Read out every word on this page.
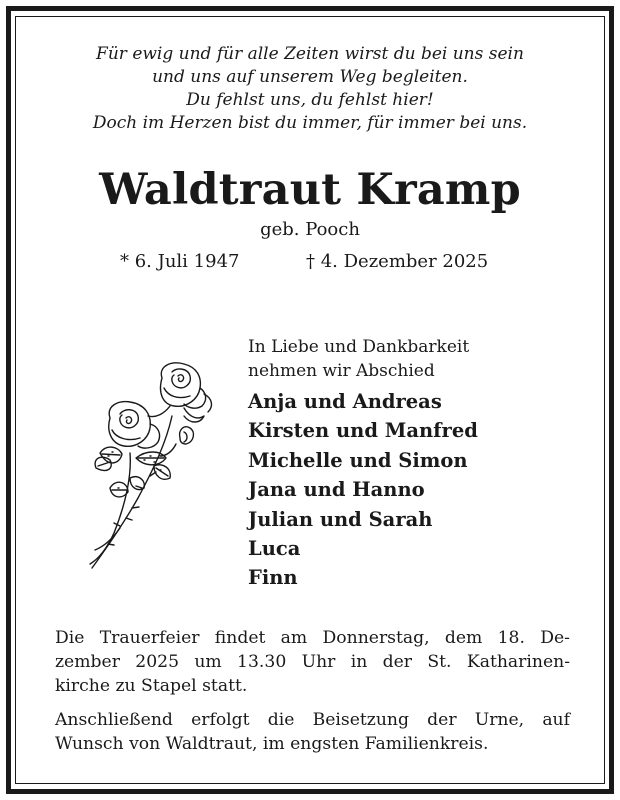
Für ewig und für alle Zeiten wirst du bei uns sein
und uns auf unserem Weg begleiten.
Du fehlst uns, du fehlst hier!
Doch im Herzen bist du immer, für immer bei uns.
Waldtraut Kramp
geb. Pooch
* 6. Juli 1947	† 4. Dezember 2025
In Liebe und Dankbarkeit
nehmen wir Abschied
Anja und Andreas
Kirsten und Manfred
Michelle und Simon
Jana und Hanno
Julian und Sarah
Luca
Finn
Die Trauerfeier findet am Donnerstag, dem 18. De-
zember 2025 um 13.30 Uhr in der St. Katharinen-
kirche zu Stapel statt.
Anschließend erfolgt die Beisetzung der Urne, auf
Wunsch von Waldtraut, im engsten Familienkreis.
